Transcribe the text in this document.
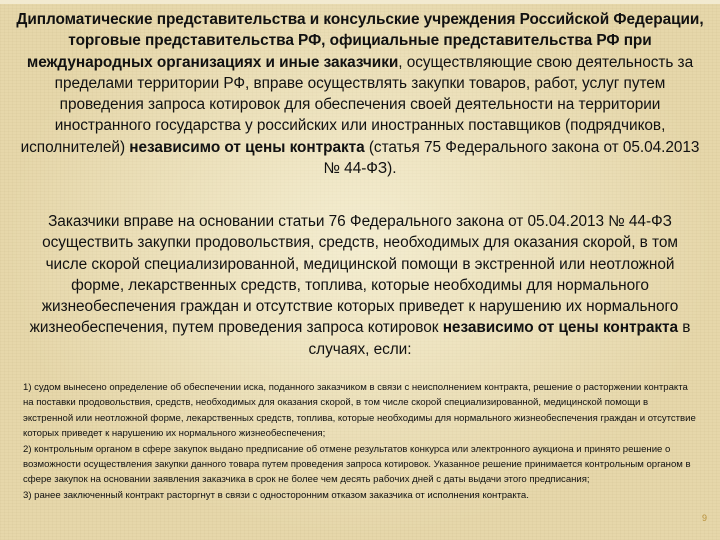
Дипломатические представительства и консульские учреждения Российской Федерации, торговые представительства РФ, официальные представительства РФ при международных организациях и иные заказчики, осуществляющие свою деятельность за пределами территории РФ, вправе осуществлять закупки товаров, работ, услуг путем проведения запроса котировок для обеспечения своей деятельности на территории иностранного государства у российских или иностранных поставщиков (подрядчиков, исполнителей) независимо от цены контракта (статья 75 Федерального закона от 05.04.2013 № 44-ФЗ).

Заказчики вправе на основании статьи 76 Федерального закона от 05.04.2013 № 44-ФЗ осуществить закупки продовольствия, средств, необходимых для оказания скорой, в том числе скорой специализированной, медицинской помощи в экстренной или неотложной форме, лекарственных средств, топлива, которые необходимы для нормального жизнеобеспечения граждан и отсутствие которых приведет к нарушению их нормального жизнеобеспечения, путем проведения запроса котировок независимо от цены контракта в случаях, если:

1) судом вынесено определение об обеспечении иска, поданного заказчиком в связи с неисполнением контракта, решение о расторжении контракта на поставки продовольствия, средств, необходимых для оказания скорой, в том числе скорой специализированной, медицинской помощи в экстренной или неотложной форме, лекарственных средств, топлива, которые необходимы для нормального жизнеобеспечения граждан и отсутствие которых приведет к нарушению их нормального жизнеобеспечения;
2) контрольным органом в сфере закупок выдано предписание об отмене результатов конкурса или электронного аукциона и принято решение о возможности осуществления закупки данного товара путем проведения запроса котировок. Указанное решение принимается контрольным органом в сфере закупок на основании заявления заказчика в срок не более чем десять рабочих дней с даты выдачи этого предписания;
3) ранее заключенный контракт расторгнут в связи с односторонним отказом заказчика от исполнения контракта.
9
